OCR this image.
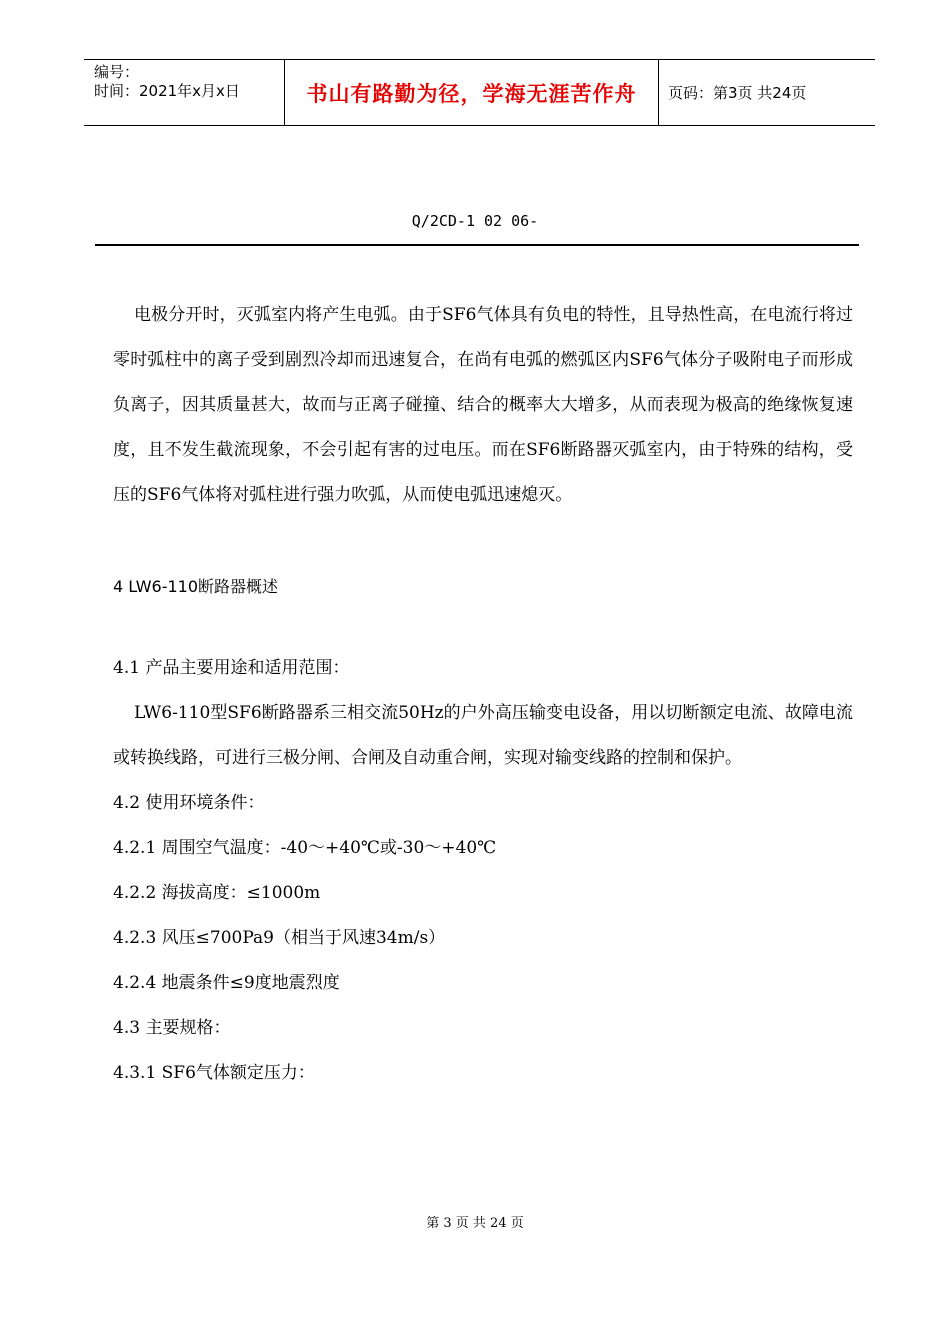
编号：
时间：2021年x月x日	书山有路勤为径，学海无涯苦作舟	页码：第3页 共24页
Q/2CD-1 02 06-

电极分开时，灭弧室内将产生电弧。由于SF6气体具有负电的特性，且导热性高，在电流行将过零时弧柱中的离子受到剧烈冷却而迅速复合，在尚有电弧的燃弧区内SF6气体分子吸附电子而形成负离子，因其质量甚大，故而与正离子碰撞、结合的概率大大增多，从而表现为极高的绝缘恢复速度，且不发生截流现象，不会引起有害的过电压。而在SF6断路器灭弧室内，由于特殊的结构，受压的SF6气体将对弧柱进行强力吹弧，从而使电弧迅速熄灭。

4 LW6-110断路器概述

4.1 产品主要用途和适用范围：

LW6-110型SF6断路器系三相交流50Hz的户外高压输变电设备，用以切断额定电流、故障电流或转换线路，可进行三极分闸、合闸及自动重合闸，实现对输变线路的控制和保护。

4.2 使用环境条件：

4.2.1 周围空气温度：-40～+40℃或-30～+40℃

4.2.2 海拔高度：≤1000m

4.2.3 风压≤700Pa9（相当于风速34m/s）

4.2.4 地震条件≤9度地震烈度

4.3 主要规格：

4.3.1 SF6气体额定压力：

第 3 页 共 24 页
